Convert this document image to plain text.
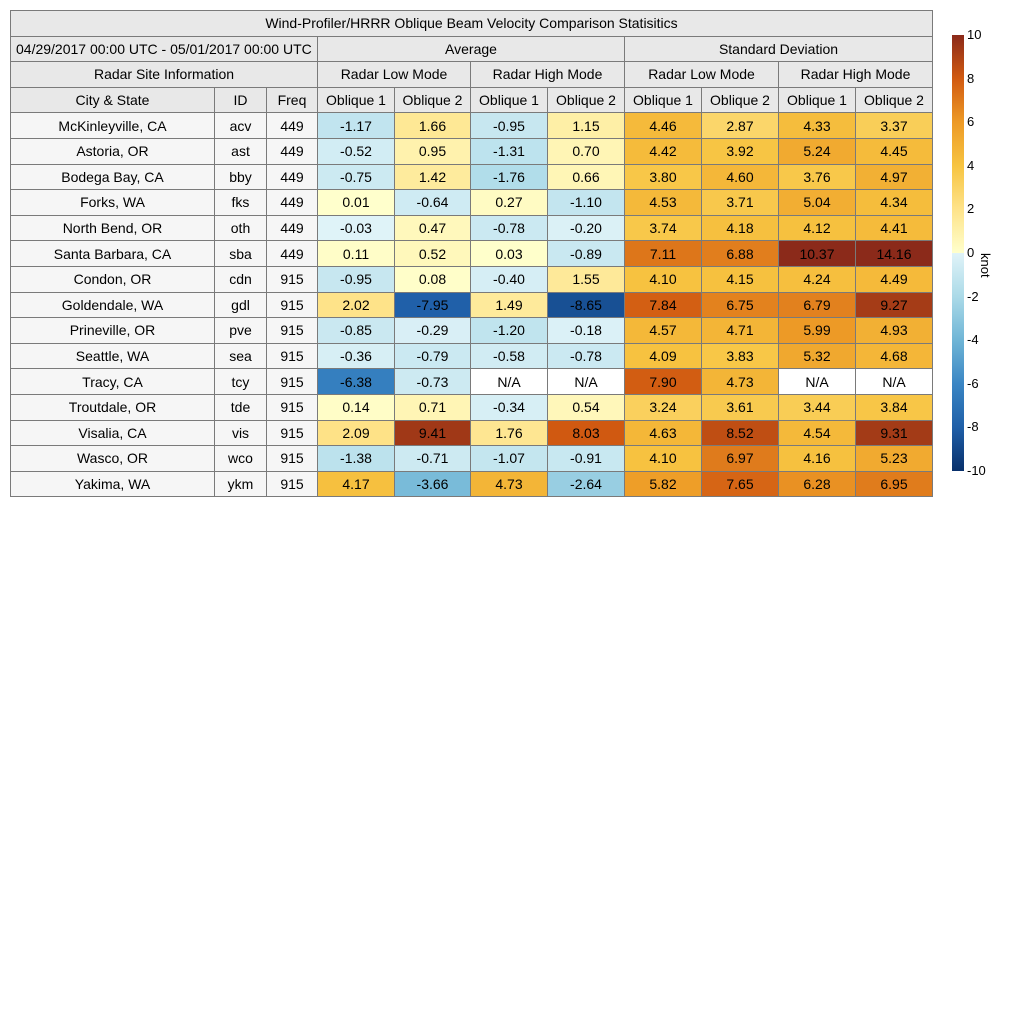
Wind-Profiler/HRRR Oblique Beam Velocity Comparison Statisitics										
04/29/2017 00:00 UTC - 05/01/2017 00:00 UTC			Average				Standard Deviation			
Radar Site Information			Radar Low Mode		Radar High Mode		Radar Low Mode		Radar High Mode	
City & State	ID	Freq	Oblique 1	Oblique 2	Oblique 1	Oblique 2	Oblique 1	Oblique 2	Oblique 1	Oblique 2
McKinleyville, CA	acv	449	-1.17	1.66	-0.95	1.15	4.46	2.87	4.33	3.37
Astoria, OR	ast	449	-0.52	0.95	-1.31	0.70	4.42	3.92	5.24	4.45
Bodega Bay, CA	bby	449	-0.75	1.42	-1.76	0.66	3.80	4.60	3.76	4.97
Forks, WA	fks	449	0.01	-0.64	0.27	-1.10	4.53	3.71	5.04	4.34
North Bend, OR	oth	449	-0.03	0.47	-0.78	-0.20	3.74	4.18	4.12	4.41
Santa Barbara, CA	sba	449	0.11	0.52	0.03	-0.89	7.11	6.88	10.37	14.16
Condon, OR	cdn	915	-0.95	0.08	-0.40	1.55	4.10	4.15	4.24	4.49
Goldendale, WA	gdl	915	2.02	-7.95	1.49	-8.65	7.84	6.75	6.79	9.27
Prineville, OR	pve	915	-0.85	-0.29	-1.20	-0.18	4.57	4.71	5.99	4.93
Seattle, WA	sea	915	-0.36	-0.79	-0.58	-0.78	4.09	3.83	5.32	4.68
Tracy, CA	tcy	915	-6.38	-0.73	N/A	N/A	7.90	4.73	N/A	N/A
Troutdale, OR	tde	915	0.14	0.71	-0.34	0.54	3.24	3.61	3.44	3.84
Visalia, CA	vis	915	2.09	9.41	1.76	8.03	4.63	8.52	4.54	9.31
Wasco, OR	wco	915	-1.38	-0.71	-1.07	-0.91	4.10	6.97	4.16	5.23
Yakima, WA	ykm	915	4.17	-3.66	4.73	-2.64	5.82	7.65	6.28	6.95
10
8
6
4
2
0
-2
-4
-6
-8
-10
knot
